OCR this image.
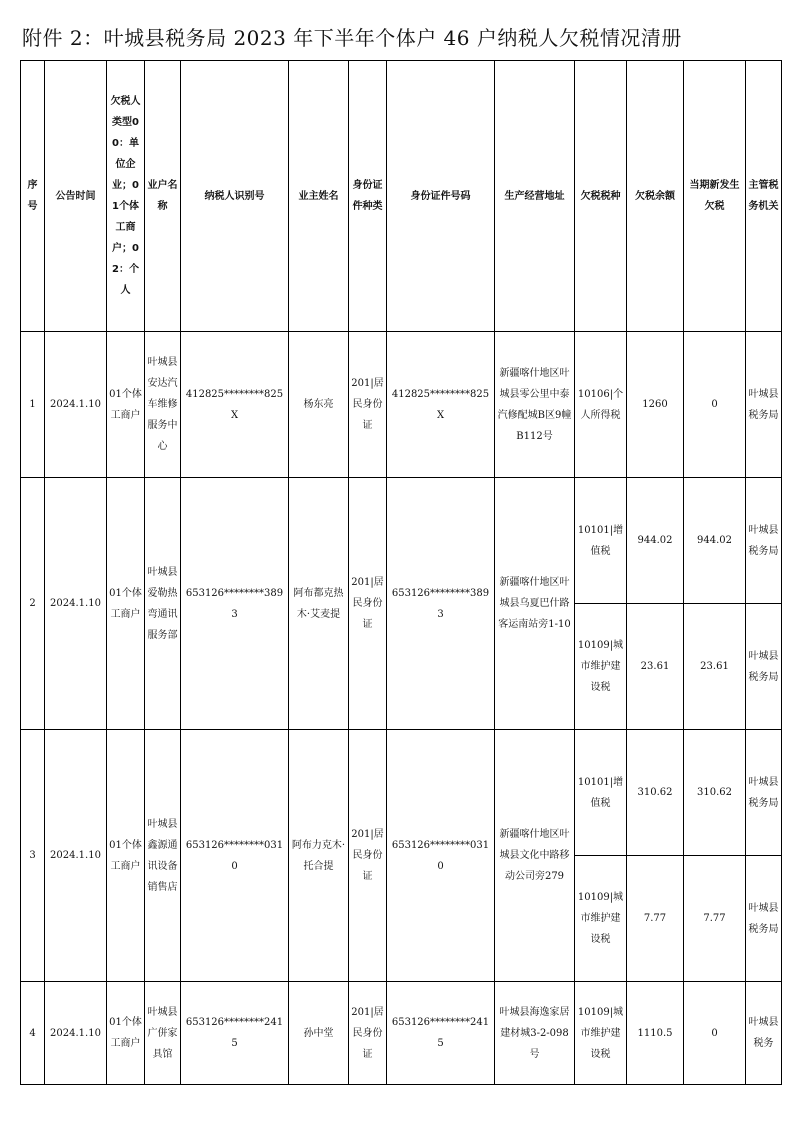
附件 2：叶城县税务局 2023 年下半年个体户 46 户纳税人欠税情况清册
序号	公告时间	欠税人类型00：单位企业；01个体工商户；02：个人	业户名称	纳税人识别号	业主姓名	身份证件种类	身份证件号码	生产经营地址	欠税税种	欠税余额	当期新发生欠税	主管税务机关
1	2024.1.10	01个体工商户	叶城县安达汽车维修服务中心	412825********825X	杨东亮	201|居民身份证	412825********825X	新疆喀什地区叶城县零公里中泰汽修配城B区9幢B112号	10106|个人所得税	1260	0	叶城县税务局
2	2024.1.10	01个体工商户	叶城县爱勒热弯通讯服务部	653126********3893	阿布都克热木·艾麦提	201|居民身份证	653126********3893	新疆喀什地区叶城县乌夏巴什路客运南站旁1-10	10101|增值税	944.02	944.02	叶城县税务局
									10109|城市维护建设税	23.61	23.61	叶城县税务局
3	2024.1.10	01个体工商户	叶城县鑫源通讯设备销售店	653126********0310	阿布力克木·托合提	201|居民身份证	653126********0310	新疆喀什地区叶城县文化中路移动公司旁279	10101|增值税	310.62	310.62	叶城县税务局
									10109|城市维护建设税	7.77	7.77	叶城县税务局
4	2024.1.10	01个体工商户	叶城县广併家具馆	653126********2415	孙中堂	201|居民身份证	653126********2415	叶城县海逸家居建材城3-2-098号	10109|城市维护建设税	1110.5	0	叶城县税务
